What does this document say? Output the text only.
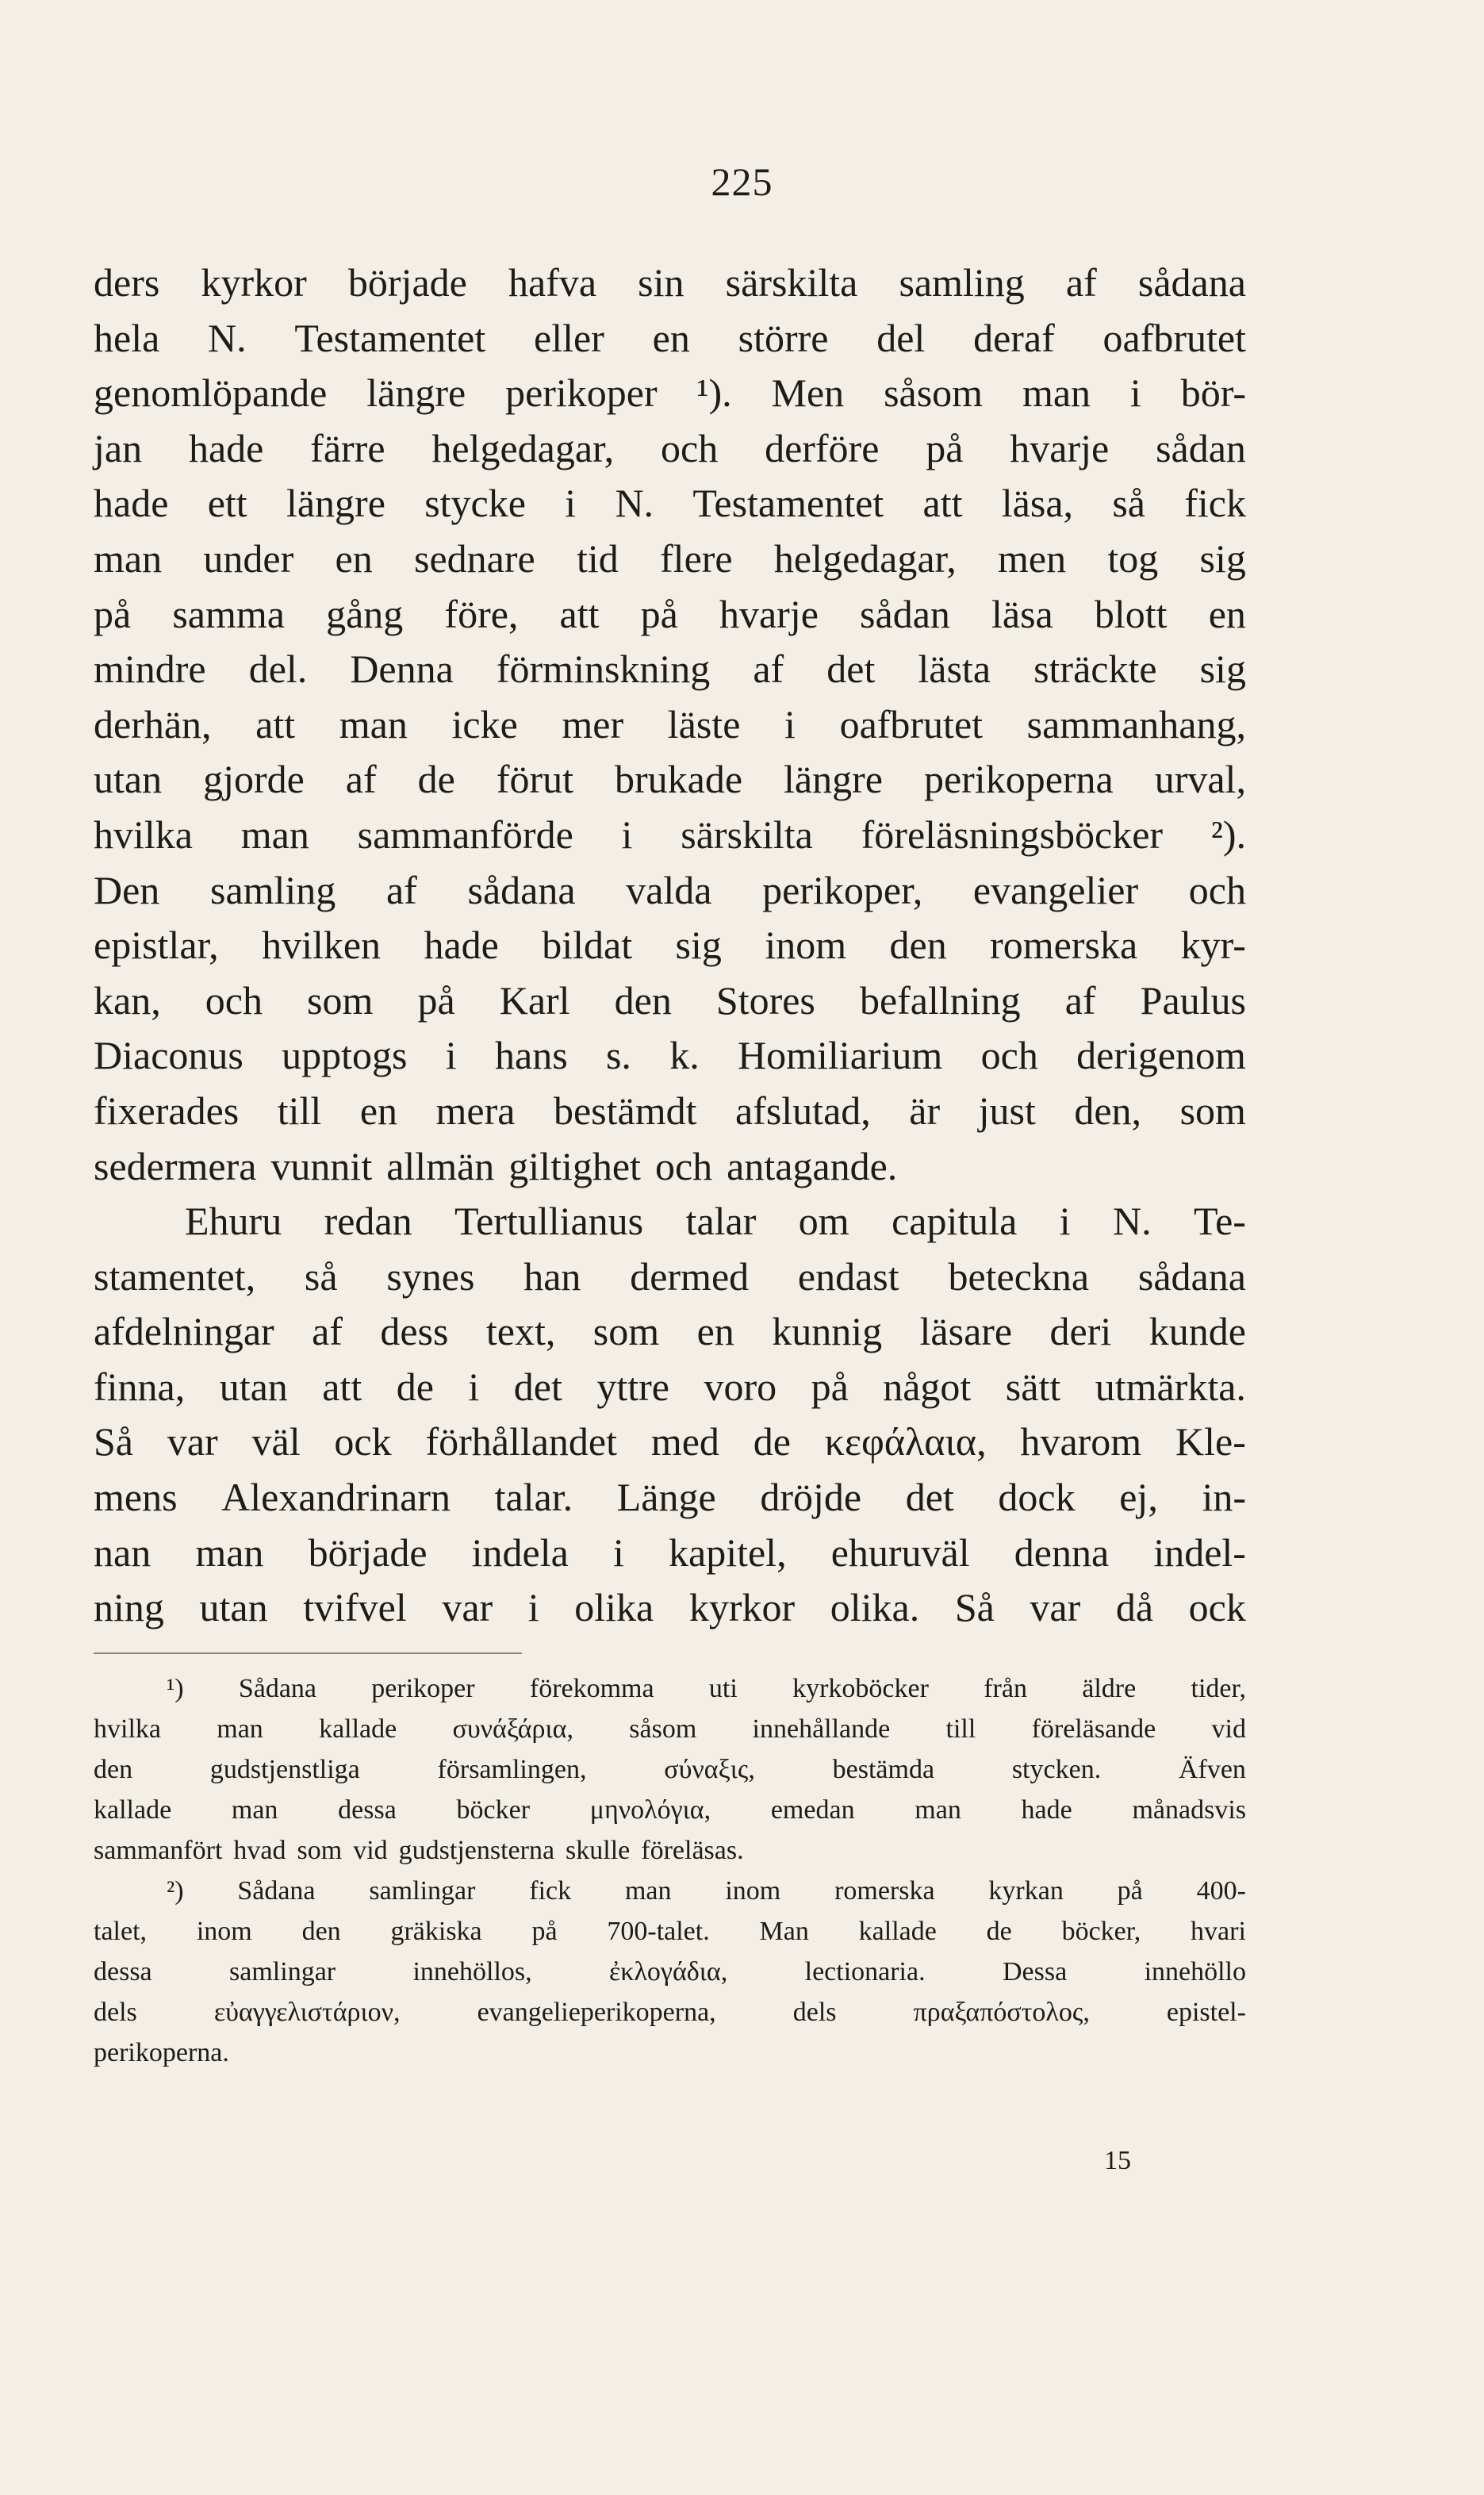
225
ders kyrkor började hafva sin särskilta samling af sådana
hela N. Testamentet eller en större del deraf oafbrutet
genomlöpande längre perikoper ¹). Men såsom man i bör-
jan hade färre helgedagar, och derföre på hvarje sådan
hade ett längre stycke i N. Testamentet att läsa, så fick
man under en sednare tid flere helgedagar, men tog sig
på samma gång före, att på hvarje sådan läsa blott en
mindre del. Denna förminskning af det lästa sträckte sig
derhän, att man icke mer läste i oafbrutet sammanhang,
utan gjorde af de förut brukade längre perikoperna urval,
hvilka man sammanförde i särskilta föreläsningsböcker ²).
Den samling af sådana valda perikoper, evangelier och
epistlar, hvilken hade bildat sig inom den romerska kyr-
kan, och som på Karl den Stores befallning af Paulus
Diaconus upptogs i hans s. k. Homiliarium och derigenom
fixerades till en mera bestämdt afslutad, är just den, som
sedermera vunnit allmän giltighet och antagande.
Ehuru redan Tertullianus talar om capitula i N. Te-
stamentet, så synes han dermed endast beteckna sådana
afdelningar af dess text, som en kunnig läsare deri kunde
finna, utan att de i det yttre voro på något sätt utmärkta.
Så var väl ock förhållandet med de κεφάλαια, hvarom Kle-
mens Alexandrinarn talar. Länge dröjde det dock ej, in-
nan man började indela i kapitel, ehuruväl denna indel-
ning utan tvifvel var i olika kyrkor olika. Så var då ock
¹) Sådana perikoper förekomma uti kyrkoböcker från äldre tider,
hvilka man kallade συνάξάρια, såsom innehållande till föreläsande vid
den	gudstjenstliga	församlingen,	σύναξις,	bestämda	stycken.	Äfven
kallade man dessa böcker μηνολόγια, emedan man hade månadsvis
sammanfört hvad som vid gudstjensterna skulle föreläsas.
²) Sådana samlingar fick man inom romerska kyrkan på 400-
talet, inom den gräkiska på 700-talet. Man kallade de böcker, hvari
dessa	samlingar	innehöllos,	ἐκλογάδια,	lectionaria.	Dessa	innehöllo
dels	εὐαγγελιστάριον,	evangelieperikoperna,	dels	πραξαπόστολος,	epistel-
perikoperna.
15
